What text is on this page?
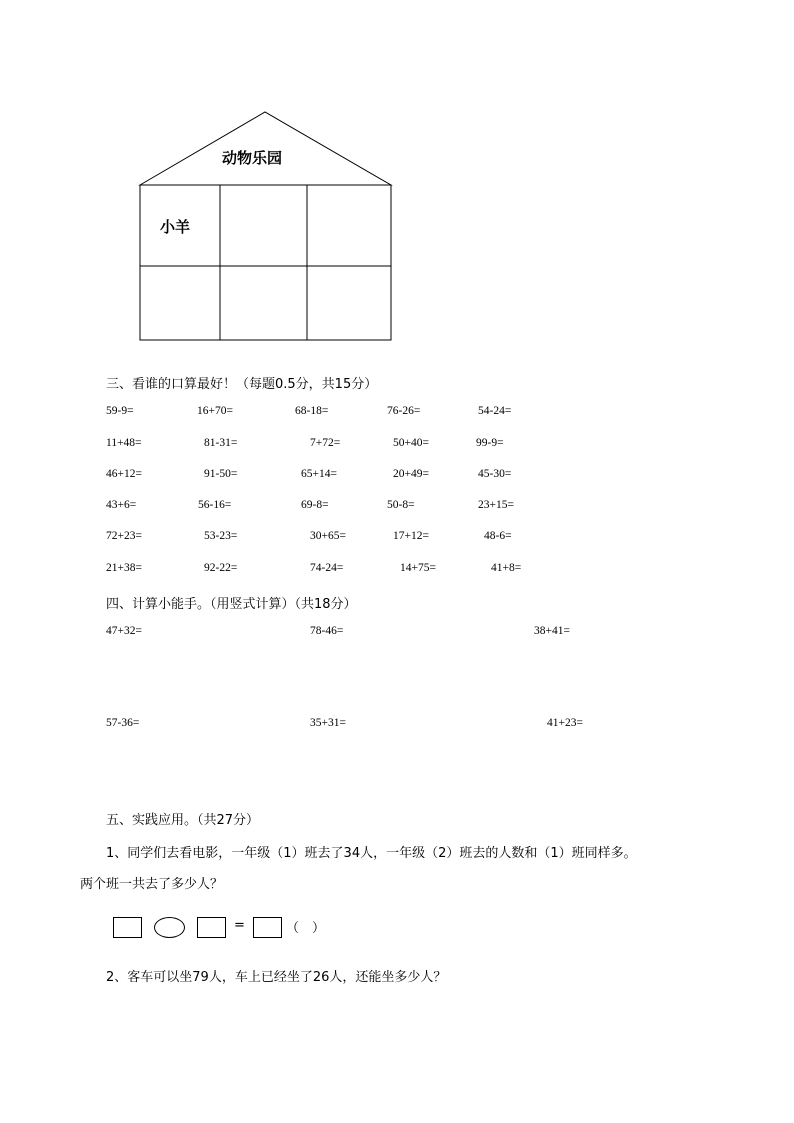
动物乐园
小羊
三、看谁的口算最好！（每题0.5分，共15分）
59-9=	16+70=	68-18=	76-26=	54-24=
11+48=	81-31=	7+72=	50+40=	99-9=
46+12=	91-50=	65+14=	20+49=	45-30=
43+6=	56-16=	69-8=	50-8=	23+15=
72+23=	53-23=	30+65=	17+12=	48-6=
21+38=	92-22=	74-24=	14+75=	41+8=
四、计算小能手。（用竖式计算）（共18分）
47+32=	78-46=	38+41=
57-36=	35+31=	41+23=
五、实践应用。（共27分）
1、同学们去看电影，一年级（1）班去了34人，一年级（2）班去的人数和（1）班同样多。
两个班一共去了多少人？
=	（　）
2、客车可以坐79人，车上已经坐了26人，还能坐多少人？
